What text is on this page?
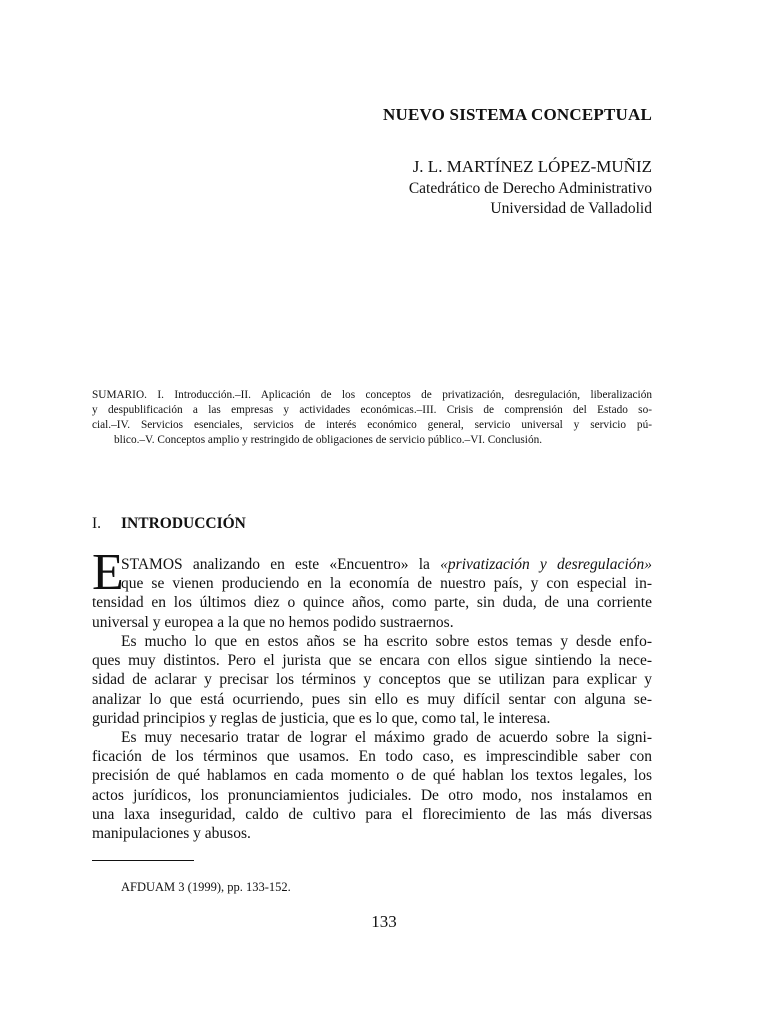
NUEVO SISTEMA CONCEPTUAL
J. L. MARTÍNEZ LÓPEZ-MUÑIZ
Catedrático de Derecho Administrativo
Universidad de Valladolid
SUMARIO. I. Introducción.–II. Aplicación de los conceptos de privatización, desregulación, liberalización
y despublificación a las empresas y actividades económicas.–III. Crisis de comprensión del Estado so-
cial.–IV. Servicios esenciales, servicios de interés económico general, servicio universal y servicio pú-
blico.–V. Conceptos amplio y restringido de obligaciones de servicio público.–VI. Conclusión.
I. INTRODUCCIÓN
E
STAMOS analizando en este «Encuentro» la «privatización y desregulación»
que se vienen produciendo en la economía de nuestro país, y con especial in-
tensidad en los últimos diez o quince años, como parte, sin duda, de una corriente
universal y europea a la que no hemos podido sustraernos.
Es mucho lo que en estos años se ha escrito sobre estos temas y desde enfo-
ques muy distintos. Pero el jurista que se encara con ellos sigue sintiendo la nece-
sidad de aclarar y precisar los términos y conceptos que se utilizan para explicar y
analizar lo que está ocurriendo, pues sin ello es muy difícil sentar con alguna se-
guridad principios y reglas de justicia, que es lo que, como tal, le interesa.
Es muy necesario tratar de lograr el máximo grado de acuerdo sobre la signi-
ficación de los términos que usamos. En todo caso, es imprescindible saber con
precisión de qué hablamos en cada momento o de qué hablan los textos legales, los
actos jurídicos, los pronunciamientos judiciales. De otro modo, nos instalamos en
una laxa inseguridad, caldo de cultivo para el florecimiento de las más diversas
manipulaciones y abusos.
AFDUAM 3 (1999), pp. 133-152.
133
